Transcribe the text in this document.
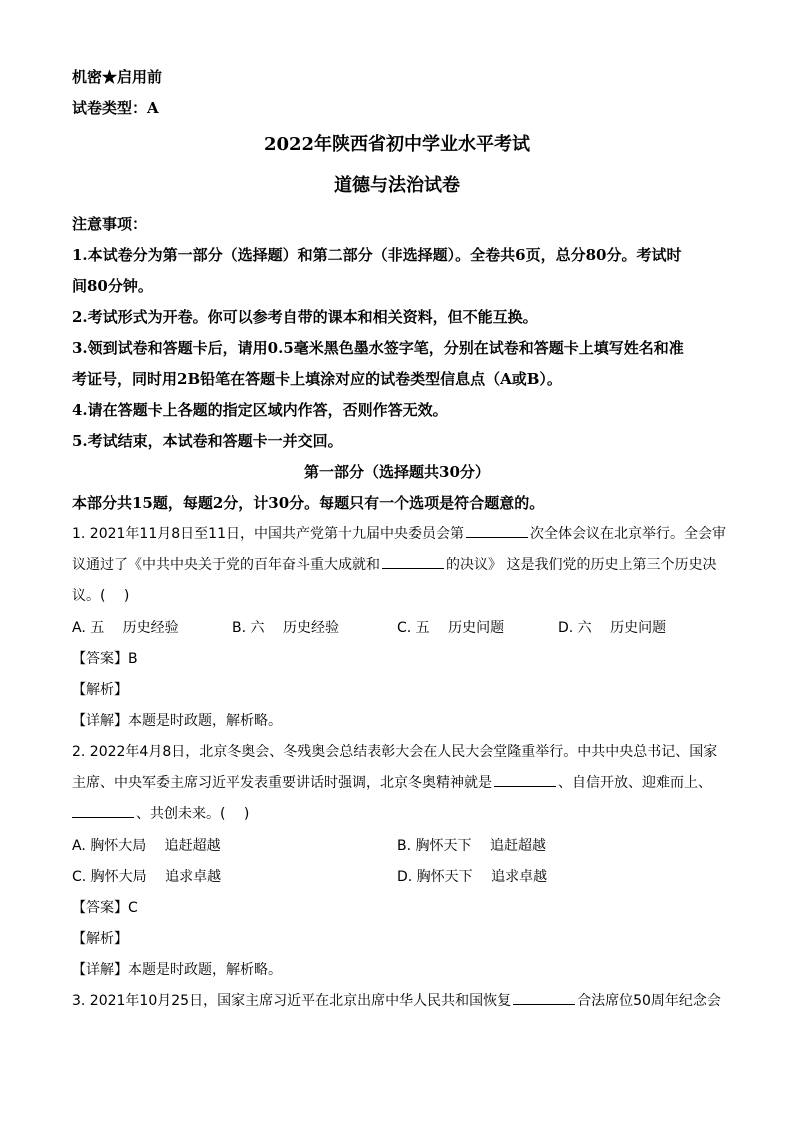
机密★启用前
试卷类型：A
2022年陕西省初中学业水平考试
道德与法治试卷
注意事项：
1.本试卷分为第一部分（选择题）和第二部分（非选择题）。全卷共6页，总分80分。考试时
间80分钟。
2.考试形式为开卷。你可以参考自带的课本和相关资料，但不能互换。
3.领到试卷和答题卡后，请用0.5毫米黑色墨水签字笔，分别在试卷和答题卡上填写姓名和准
考证号，同时用2B铅笔在答题卡上填涂对应的试卷类型信息点（A或B）。
4.请在答题卡上各题的指定区域内作答，否则作答无效。
5.考试结束，本试卷和答题卡一并交回。
第一部分（选择题共30分）
本部分共15题，每题2分，计30分。每题只有一个选项是符合题意的。
1. 2021年11月8日至11日，中国共产党第十九届中央委员会第	次全体会议在北京举行。全会审
议通过了《中共中央关于党的百年奋斗重大成就和	的决议》 这是我们党的历史上第三个历史决
议。(　 )
A. 五　 历史经验	B. 六　 历史经验	C. 五　 历史问题	D. 六　 历史问题
【答案】B
【解析】
【详解】本题是时政题，解析略。
2. 2022年4月8日，北京冬奥会、冬残奥会总结表彰大会在人民大会堂隆重举行。中共中央总书记、国家
主席、中央军委主席习近平发表重要讲话时强调，北京冬奥精神就是	、自信开放、迎难而上、
、共创未来。(　 )
A. 胸怀大局　 追赶超越	B. 胸怀天下　 追赶超越
C. 胸怀大局　 追求卓越	D. 胸怀天下　 追求卓越
【答案】C
【解析】
【详解】本题是时政题，解析略。
3. 2021年10月25日，国家主席习近平在北京出席中华人民共和国恢复	合法席位50周年纪念会
